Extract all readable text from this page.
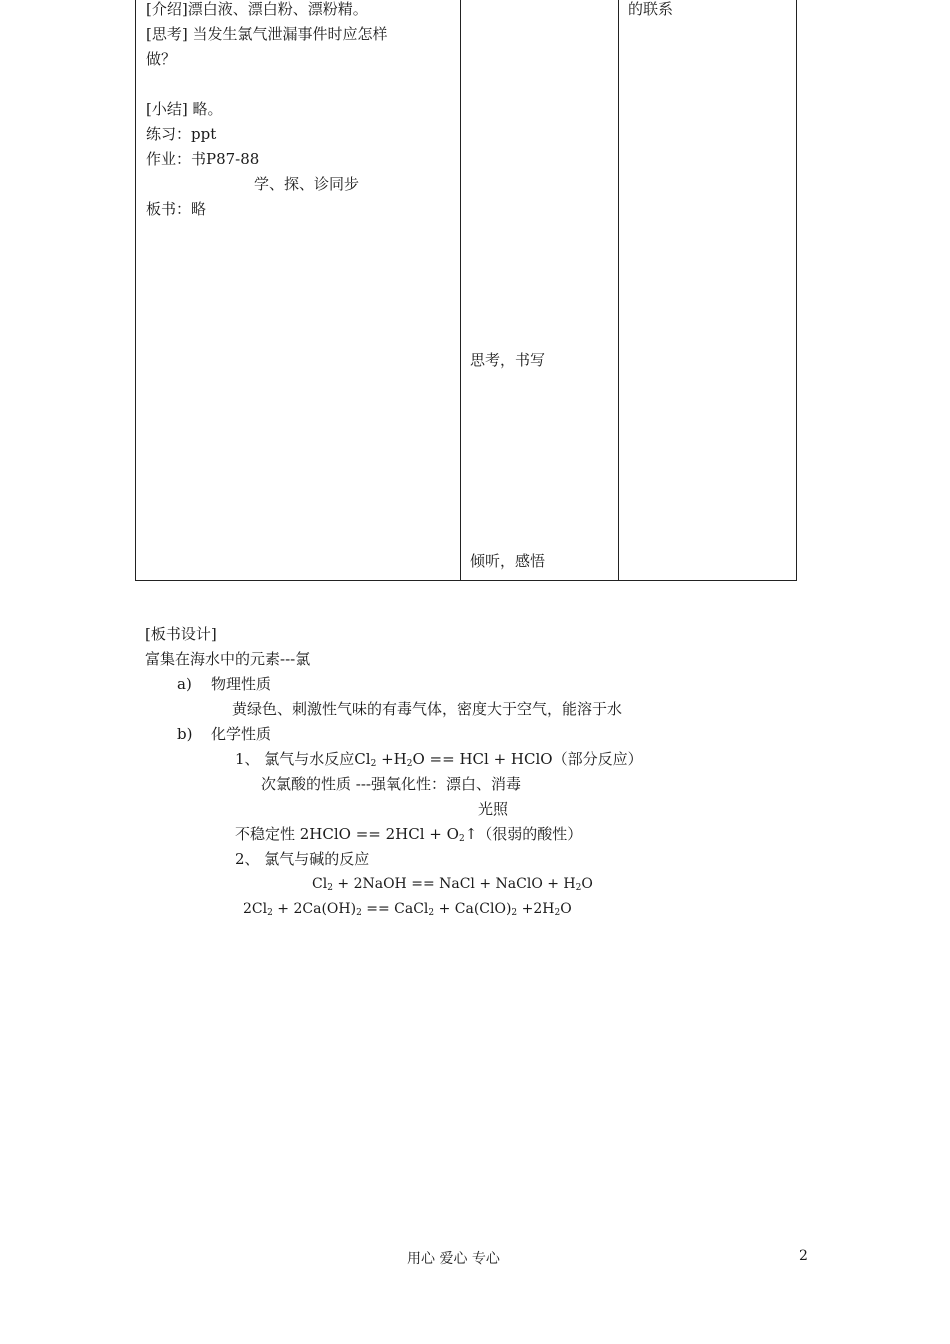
[介绍]漂白液、漂白粉、漂粉精。
[思考] 当发生氯气泄漏事件时应怎样
做？
[小结] 略。
练习：ppt
作业：书P87-88
学、探、诊同步
板书：略
思考，书写
倾听，感悟
的联系
[板书设计]
富集在海水中的元素---氯
a) 物理性质
黄绿色、刺激性气味的有毒气体，密度大于空气，能溶于水
b) 化学性质
1、 氯气与水反应$Cl_2 +H_2O$ == HCl + HClO（部分反应）
次氯酸的性质 ---强氧化性：漂白、消毒
光照
不稳定性 2HClO == $2HCl + O_2↑$（很弱的酸性）
2、 氯气与碱的反应
$Cl_2$ + 2NaOH == NaCl + NaClO + $H_2O$
$2Cl_2 + 2Ca(OH)_2$ == CaCl$_2$ + $Ca(ClO)_2 +2H_2O$
用心 爱心 专心	2
